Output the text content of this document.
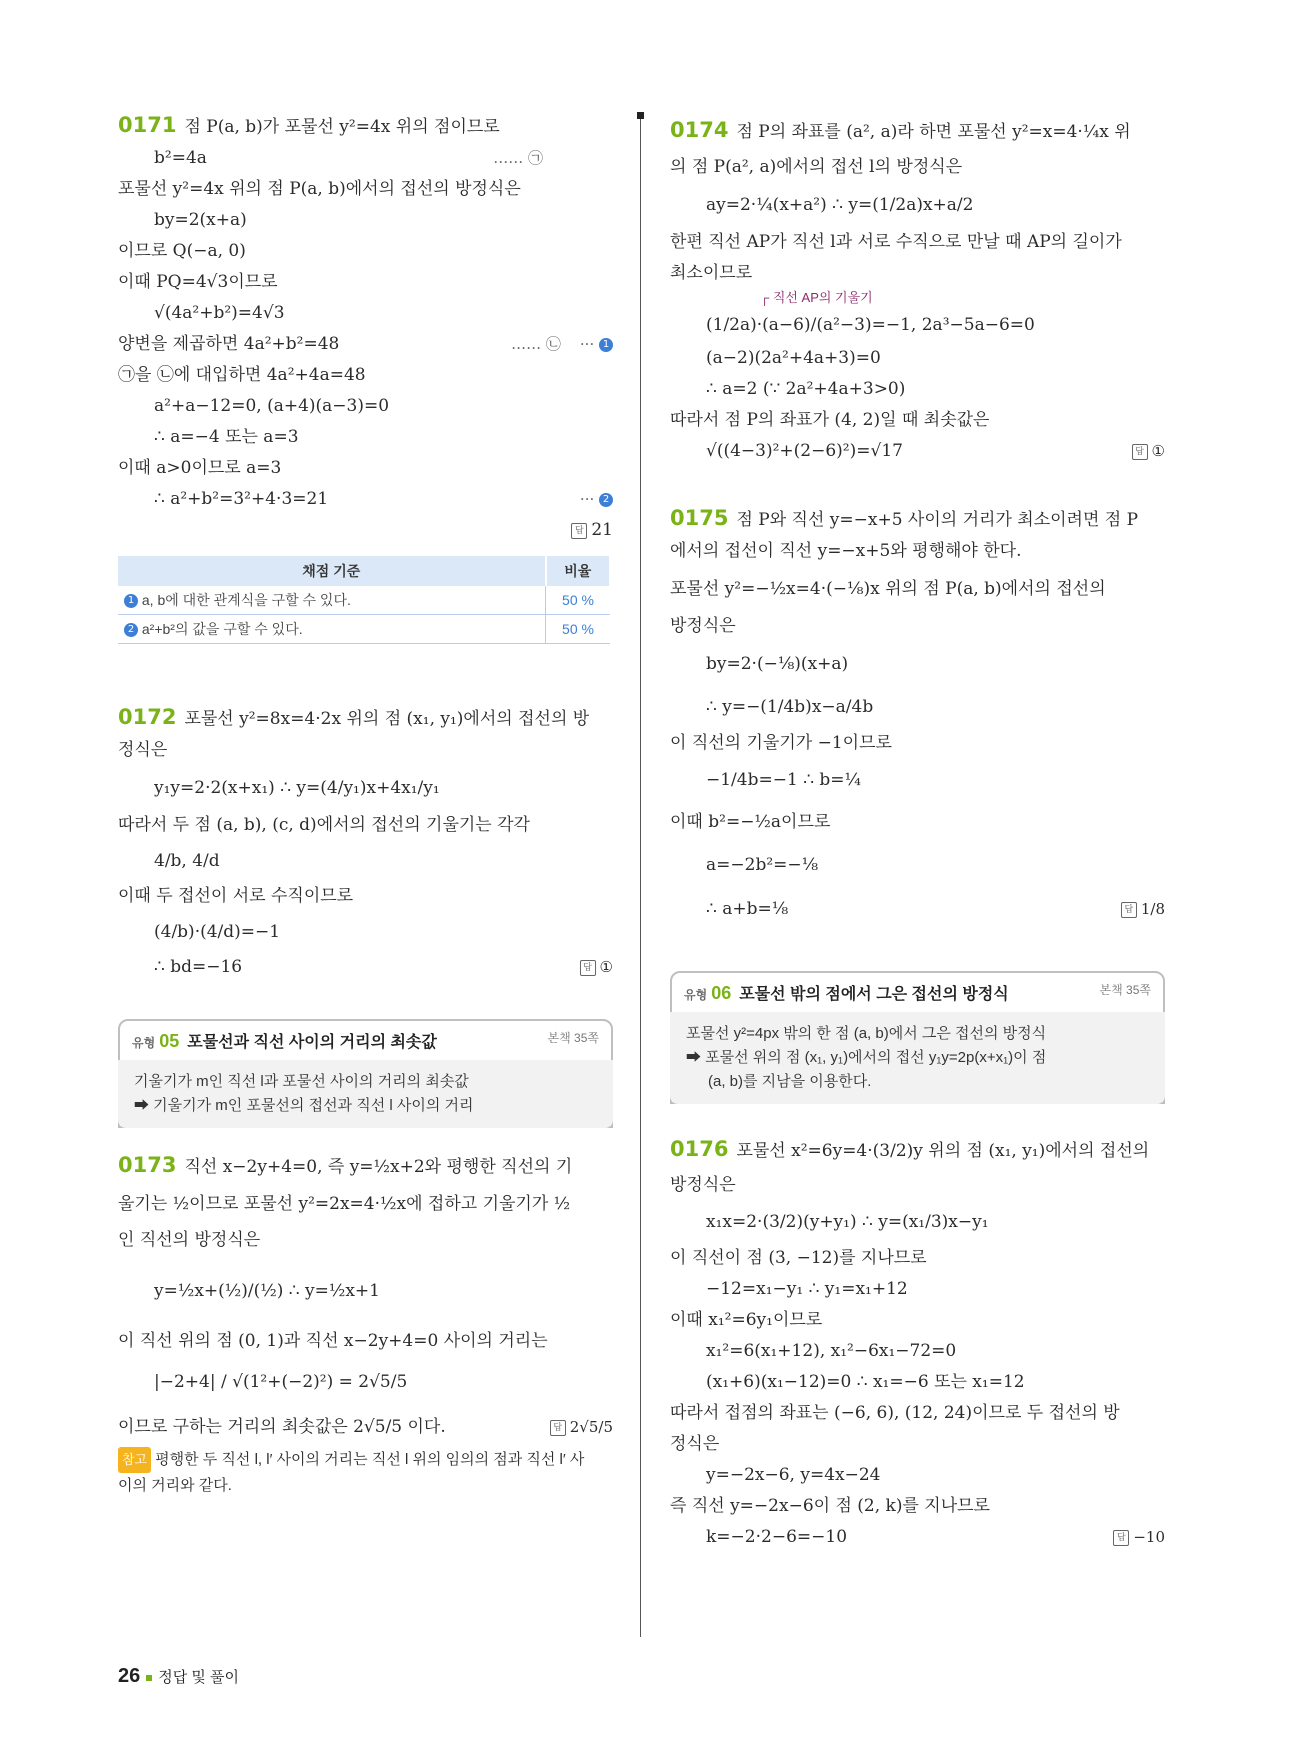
0171 점 P(a, b)가 포물선 y²=4x 위의 점이므로
b²=4a	…… ㉠
포물선 y²=4x 위의 점 P(a, b)에서의 접선의 방정식은
by=2(x+a)
이므로 Q(−a, 0)
이때 PQ=4√3이므로
√(4a²+b²)=4√3
양변을 제곱하면 4a²+b²=48	…… ㉡    ··· 1
㉠을 ㉡에 대입하면 4a²+4a=48
a²+a−12=0, (a+4)(a−3)=0
∴ a=−4 또는 a=3
이때 a>0이므로 a=3
∴ a²+b²=3²+4·3=21	··· 2
답 21
채점 기준	비율
1 a, b에 대한 관계식을 구할 수 있다.	50 %
2 a²+b²의 값을 구할 수 있다.	50 %
0172 포물선 y²=8x=4·2x 위의 점 (x₁, y₁)에서의 접선의 방
정식은
y₁y=2·2(x+x₁) ∴ y=(4/y₁)x+4x₁/y₁
따라서 두 점 (a, b), (c, d)에서의 접선의 기울기는 각각
4/b, 4/d
이때 두 접선이 서로 수직이므로
(4/b)·(4/d)=−1
∴ bd=−16	답 ①
유형 05 포물선과 직선 사이의 거리의 최솟값	본책 35쪽
기울기가 m인 직선 l과 포물선 사이의 거리의 최솟값
➡ 기울기가 m인 포물선의 접선과 직선 l 사이의 거리
0173 직선 x−2y+4=0, 즉 y=½x+2와 평행한 직선의 기
울기는 ½이므로 포물선 y²=2x=4·½x에 접하고 기울기가 ½
인 직선의 방정식은
y=½x+(½)/(½) ∴ y=½x+1
이 직선 위의 점 (0, 1)과 직선 x−2y+4=0 사이의 거리는
|−2+4| / √(1²+(−2)²) = 2√5/5
이므로 구하는 거리의 최솟값은 2√5/5 이다.	답 2√5/5
참고 평행한 두 직선 l, l′ 사이의 거리는 직선 l 위의 임의의 점과 직선 l′ 사
이의 거리와 같다.
0174 점 P의 좌표를 (a², a)라 하면 포물선 y²=x=4·¼x 위
의 점 P(a², a)에서의 접선 l의 방정식은
ay=2·¼(x+a²) ∴ y=(1/2a)x+a/2
한편 직선 AP가 직선 l과 서로 수직으로 만날 때 AP의 길이가
최소이므로
┌ 직선 AP의 기울기
(1/2a)·(a−6)/(a²−3)=−1, 2a³−5a−6=0
(a−2)(2a²+4a+3)=0
∴ a=2 (∵ 2a²+4a+3>0)
따라서 점 P의 좌표가 (4, 2)일 때 최솟값은
√((4−3)²+(2−6)²)=√17	답 ①
0175 점 P와 직선 y=−x+5 사이의 거리가 최소이려면 점 P
에서의 접선이 직선 y=−x+5와 평행해야 한다.
포물선 y²=−½x=4·(−⅛)x 위의 점 P(a, b)에서의 접선의
방정식은
by=2·(−⅛)(x+a)
∴ y=−(1/4b)x−a/4b
이 직선의 기울기가 −1이므로
−1/4b=−1 ∴ b=¼
이때 b²=−½a이므로
a=−2b²=−⅛
∴ a+b=⅛	답 1/8
유형 06 포물선 밖의 점에서 그은 접선의 방정식	본책 35쪽
포물선 y²=4px 밖의 한 점 (a, b)에서 그은 접선의 방정식
➡ 포물선 위의 점 (x₁, y₁)에서의 접선 y₁y=2p(x+x₁)이 점
(a, b)를 지남을 이용한다.
0176 포물선 x²=6y=4·(3/2)y 위의 점 (x₁, y₁)에서의 접선의
방정식은
x₁x=2·(3/2)(y+y₁) ∴ y=(x₁/3)x−y₁
이 직선이 점 (3, −12)를 지나므로
−12=x₁−y₁ ∴ y₁=x₁+12
이때 x₁²=6y₁이므로
x₁²=6(x₁+12), x₁²−6x₁−72=0
(x₁+6)(x₁−12)=0 ∴ x₁=−6 또는 x₁=12
따라서 접점의 좌표는 (−6, 6), (12, 24)이므로 두 접선의 방
정식은
y=−2x−6, y=4x−24
즉 직선 y=−2x−6이 점 (2, k)를 지나므로
k=−2·2−6=−10	답 −10
26 정답 및 풀이
